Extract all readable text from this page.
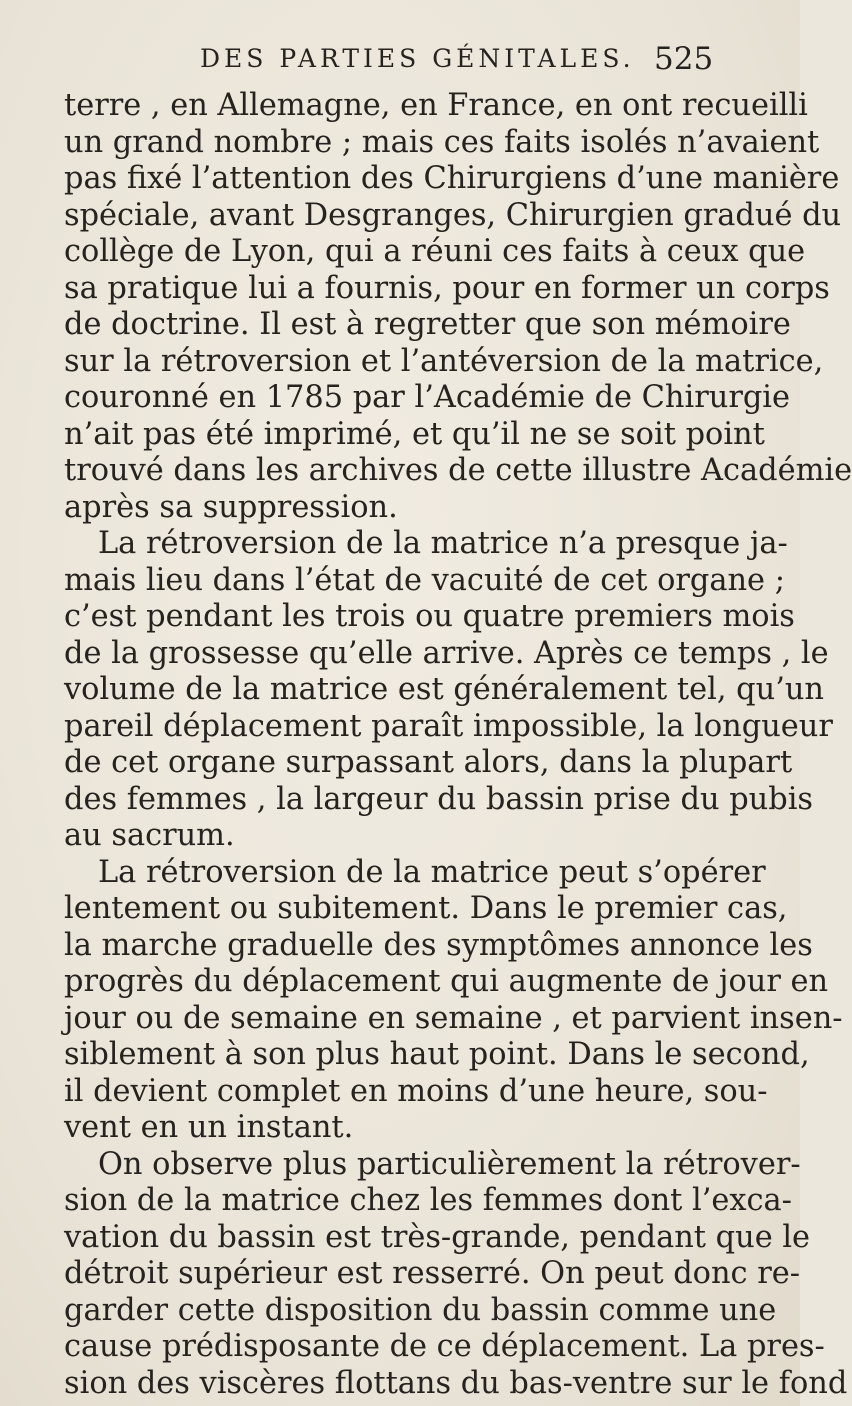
DES PARTIES GÉNITALES. 525
terre , en Allemagne, en France, en ont recueilli
un grand nombre ; mais ces faits isolés n’avaient
pas fixé l’attention des Chirurgiens d’une manière
spéciale, avant Desgranges, Chirurgien gradué du
collège de Lyon, qui a réuni ces faits à ceux que
sa pratique lui a fournis, pour en former un corps
de doctrine. Il est à regretter que son mémoire
sur la rétroversion et l’antéversion de la matrice,
couronné en 1785 par l’Académie de Chirurgie
n’ait pas été imprimé, et qu’il ne se soit point
trouvé dans les archives de cette illustre Académie
après sa suppression.
La rétroversion de la matrice n’a presque ja-
mais lieu dans l’état de vacuité de cet organe ;
c’est pendant les trois ou quatre premiers mois
de la grossesse qu’elle arrive. Après ce temps , le
volume de la matrice est généralement tel, qu’un
pareil déplacement paraît impossible, la longueur
de cet organe surpassant alors, dans la plupart
des femmes , la largeur du bassin prise du pubis
au sacrum.
La rétroversion de la matrice peut s’opérer
lentement ou subitement. Dans le premier cas,
la marche graduelle des symptômes annonce les
progrès du déplacement qui augmente de jour en
jour ou de semaine en semaine , et parvient insen-
siblement à son plus haut point. Dans le second,
il devient complet en moins d’une heure, sou-
vent en un instant.
On observe plus particulièrement la rétrover-
sion de la matrice chez les femmes dont l’exca-
vation du bassin est très-grande, pendant que le
détroit supérieur est resserré. On peut donc re-
garder cette disposition du bassin comme une
cause prédisposante de ce déplacement. La pres-
sion des viscères flottans du bas-ventre sur le fond
